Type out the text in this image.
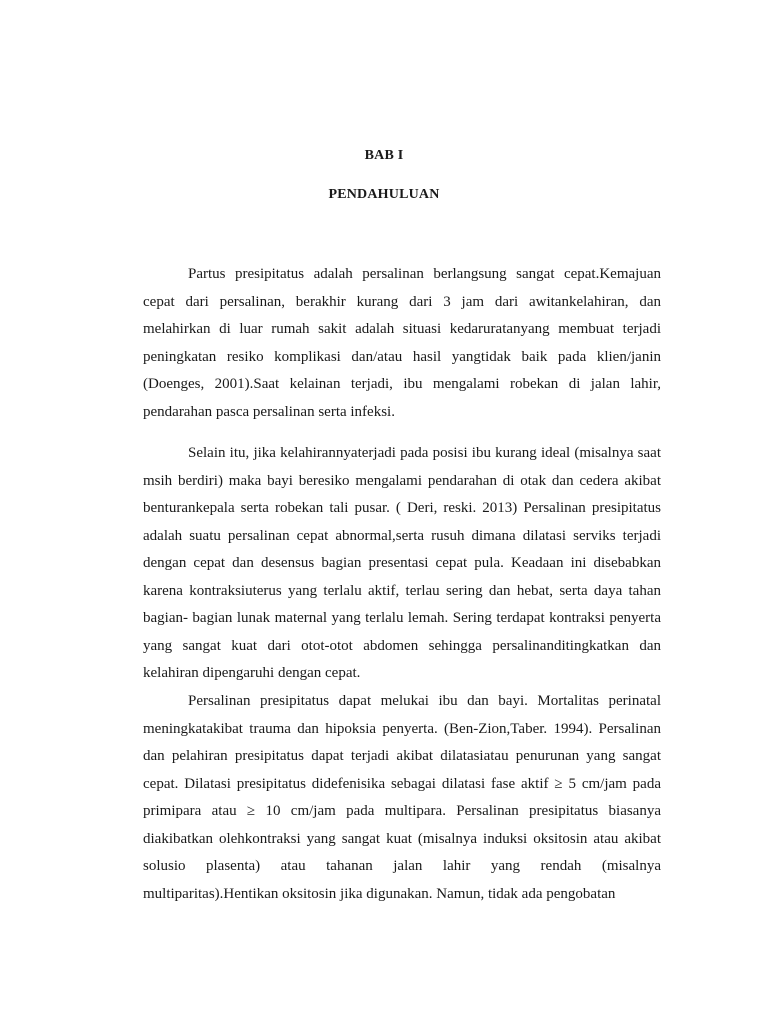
BAB I
PENDAHULUAN

Partus presipitatus adalah persalinan berlangsung sangat cepat.Kemajuan cepat dari persalinan, berakhir kurang dari 3 jam dari awitankelahiran, dan melahirkan di luar rumah sakit adalah situasi kedaruratanyang membuat terjadi peningkatan resiko komplikasi dan/atau hasil yangtidak baik pada klien/janin (Doenges, 2001).Saat kelainan terjadi, ibu mengalami robekan di jalan lahir, pendarahan pasca persalinan serta infeksi.

Selain itu, jika kelahirannyaterjadi pada posisi ibu kurang ideal (misalnya saat msih berdiri) maka bayi beresiko mengalami pendarahan di otak dan cedera akibat benturankepala serta robekan tali pusar. ( Deri, reski. 2013) Persalinan presipitatus adalah suatu persalinan cepat abnormal,serta rusuh dimana dilatasi serviks terjadi dengan cepat dan desensus bagian presentasi cepat pula. Keadaan ini disebabkan karena kontraksiuterus yang terlalu aktif, terlau sering dan hebat, serta daya tahan bagian- bagian lunak maternal yang terlalu lemah. Sering terdapat kontraksi penyerta yang sangat kuat dari otot-otot abdomen sehingga persalinanditingkatkan dan kelahiran dipengaruhi dengan cepat.

Persalinan presipitatus dapat melukai ibu dan bayi. Mortalitas perinatal meningkatakibat trauma dan hipoksia penyerta. (Ben-Zion,Taber. 1994). Persalinan dan pelahiran presipitatus dapat terjadi akibat dilatasiatau penurunan yang sangat cepat. Dilatasi presipitatus didefenisika sebagai dilatasi fase aktif ≥ 5 cm/jam pada primipara atau ≥ 10 cm/jam pada multipara. Persalinan presipitatus biasanya diakibatkan olehkontraksi yang sangat kuat (misalnya induksi oksitosin atau akibat solusio plasenta) atau tahanan jalan lahir yang rendah (misalnya multiparitas).Hentikan oksitosin jika digunakan. Namun, tidak ada pengobatan
